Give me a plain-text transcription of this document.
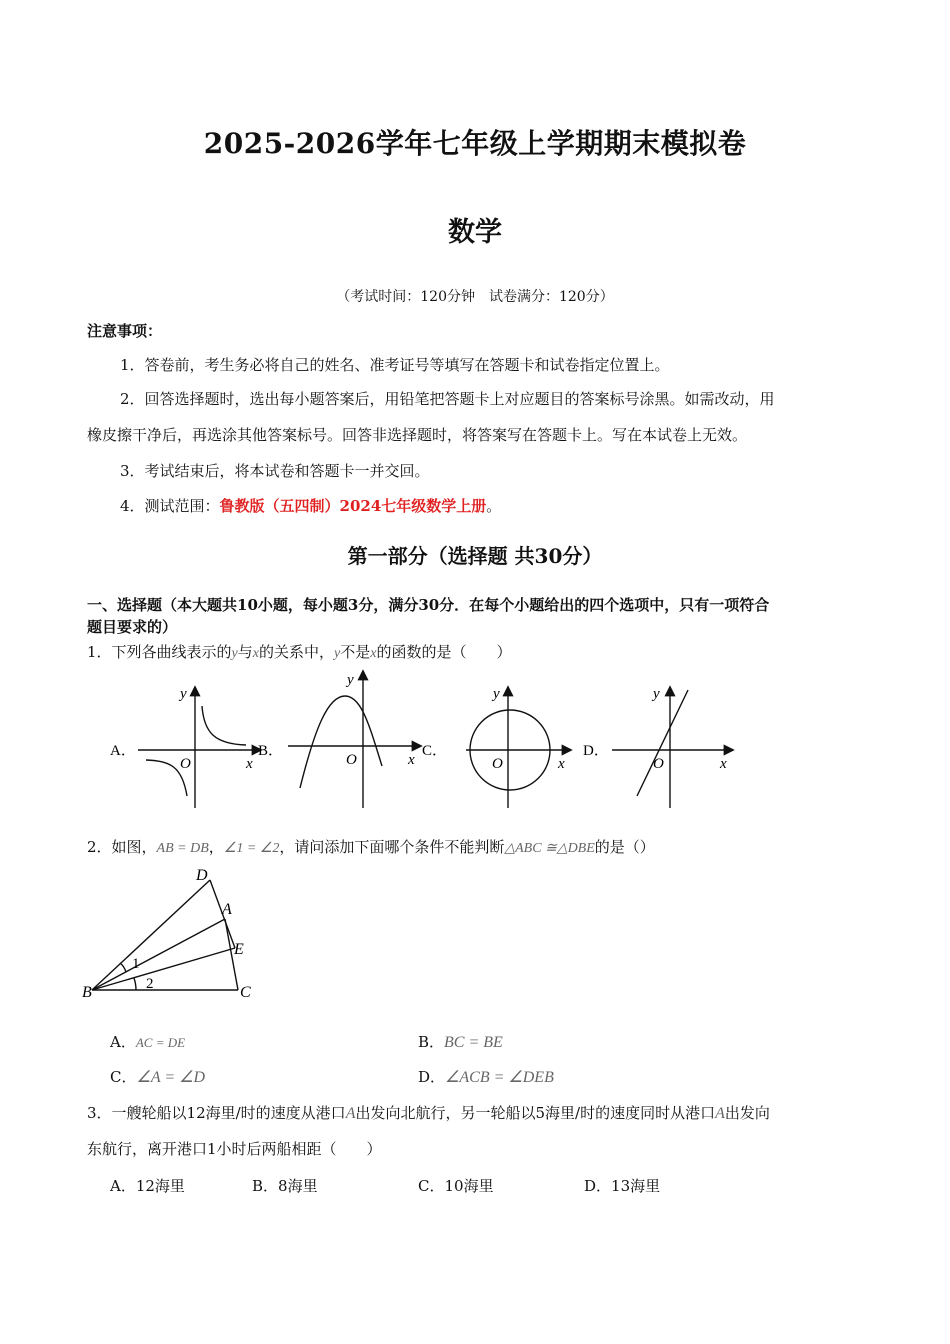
2025-2026学年七年级上学期期末模拟卷
数学
（考试时间：120分钟　试卷满分：120分）
注意事项：
1．答卷前，考生务必将自己的姓名、准考证号等填写在答题卡和试卷指定位置上。
2．回答选择题时，选出每小题答案后，用铅笔把答题卡上对应题目的答案标号涂黑。如需改动，用
橡皮擦干净后，再选涂其他答案标号。回答非选择题时，将答案写在答题卡上。写在本试卷上无效。
3．考试结束后，将本试卷和答题卡一并交回。
4．测试范围：鲁教版（五四制）2024七年级数学上册。
第一部分（选择题 共30分）
一、选择题（本大题共10小题，每小题3分，满分30分．在每个小题给出的四个选项中，只有一项符合
题目要求的）
1．下列各曲线表示的y与x的关系中，y不是x的函数的是（　　）
A．
O	x
y
B．
O	x
y
C．
O	x
y
D．
O	x
y
2．如图，AB = DB，∠1 = ∠2，请问添加下面哪个条件不能判断△ABC ≅△DBE的是（）
D
A
E
B	C
1
2
A．AC = DE	B．BC = BE
C．∠A = ∠D	D．∠ACB = ∠DEB
3．一艘轮船以12海里/时的速度从港口A出发向北航行，另一轮船以5海里/时的速度同时从港口A出发向
东航行，离开港口1小时后两船相距（　　）
A．12海里	B．8海里	C．10海里	D．13海里
